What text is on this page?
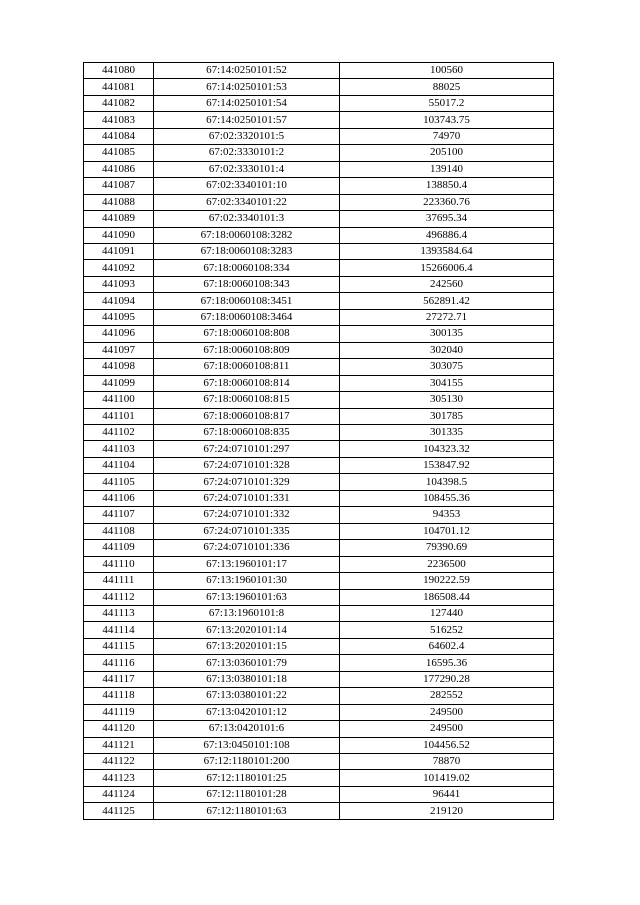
441080	67:14:0250101:52	100560
441081	67:14:0250101:53	88025
441082	67:14:0250101:54	55017.2
441083	67:14:0250101:57	103743.75
441084	67:02:3320101:5	74970
441085	67:02:3330101:2	205100
441086	67:02:3330101:4	139140
441087	67:02:3340101:10	138850.4
441088	67:02:3340101:22	223360.76
441089	67:02:3340101:3	37695.34
441090	67:18:0060108:3282	496886.4
441091	67:18:0060108:3283	1393584.64
441092	67:18:0060108:334	15266006.4
441093	67:18:0060108:343	242560
441094	67:18:0060108:3451	562891.42
441095	67:18:0060108:3464	27272.71
441096	67:18:0060108:808	300135
441097	67:18:0060108:809	302040
441098	67:18:0060108:811	303075
441099	67:18:0060108:814	304155
441100	67:18:0060108:815	305130
441101	67:18:0060108:817	301785
441102	67:18:0060108:835	301335
441103	67:24:0710101:297	104323.32
441104	67:24:0710101:328	153847.92
441105	67:24:0710101:329	104398.5
441106	67:24:0710101:331	108455.36
441107	67:24:0710101:332	94353
441108	67:24:0710101:335	104701.12
441109	67:24:0710101:336	79390.69
441110	67:13:1960101:17	2236500
441111	67:13:1960101:30	190222.59
441112	67:13:1960101:63	186508.44
441113	67:13:1960101:8	127440
441114	67:13:2020101:14	516252
441115	67:13:2020101:15	64602.4
441116	67:13:0360101:79	16595.36
441117	67:13:0380101:18	177290.28
441118	67:13:0380101:22	282552
441119	67:13:0420101:12	249500
441120	67:13:0420101:6	249500
441121	67:13:0450101:108	104456.52
441122	67:12:1180101:200	78870
441123	67:12:1180101:25	101419.02
441124	67:12:1180101:28	96441
441125	67:12:1180101:63	219120
